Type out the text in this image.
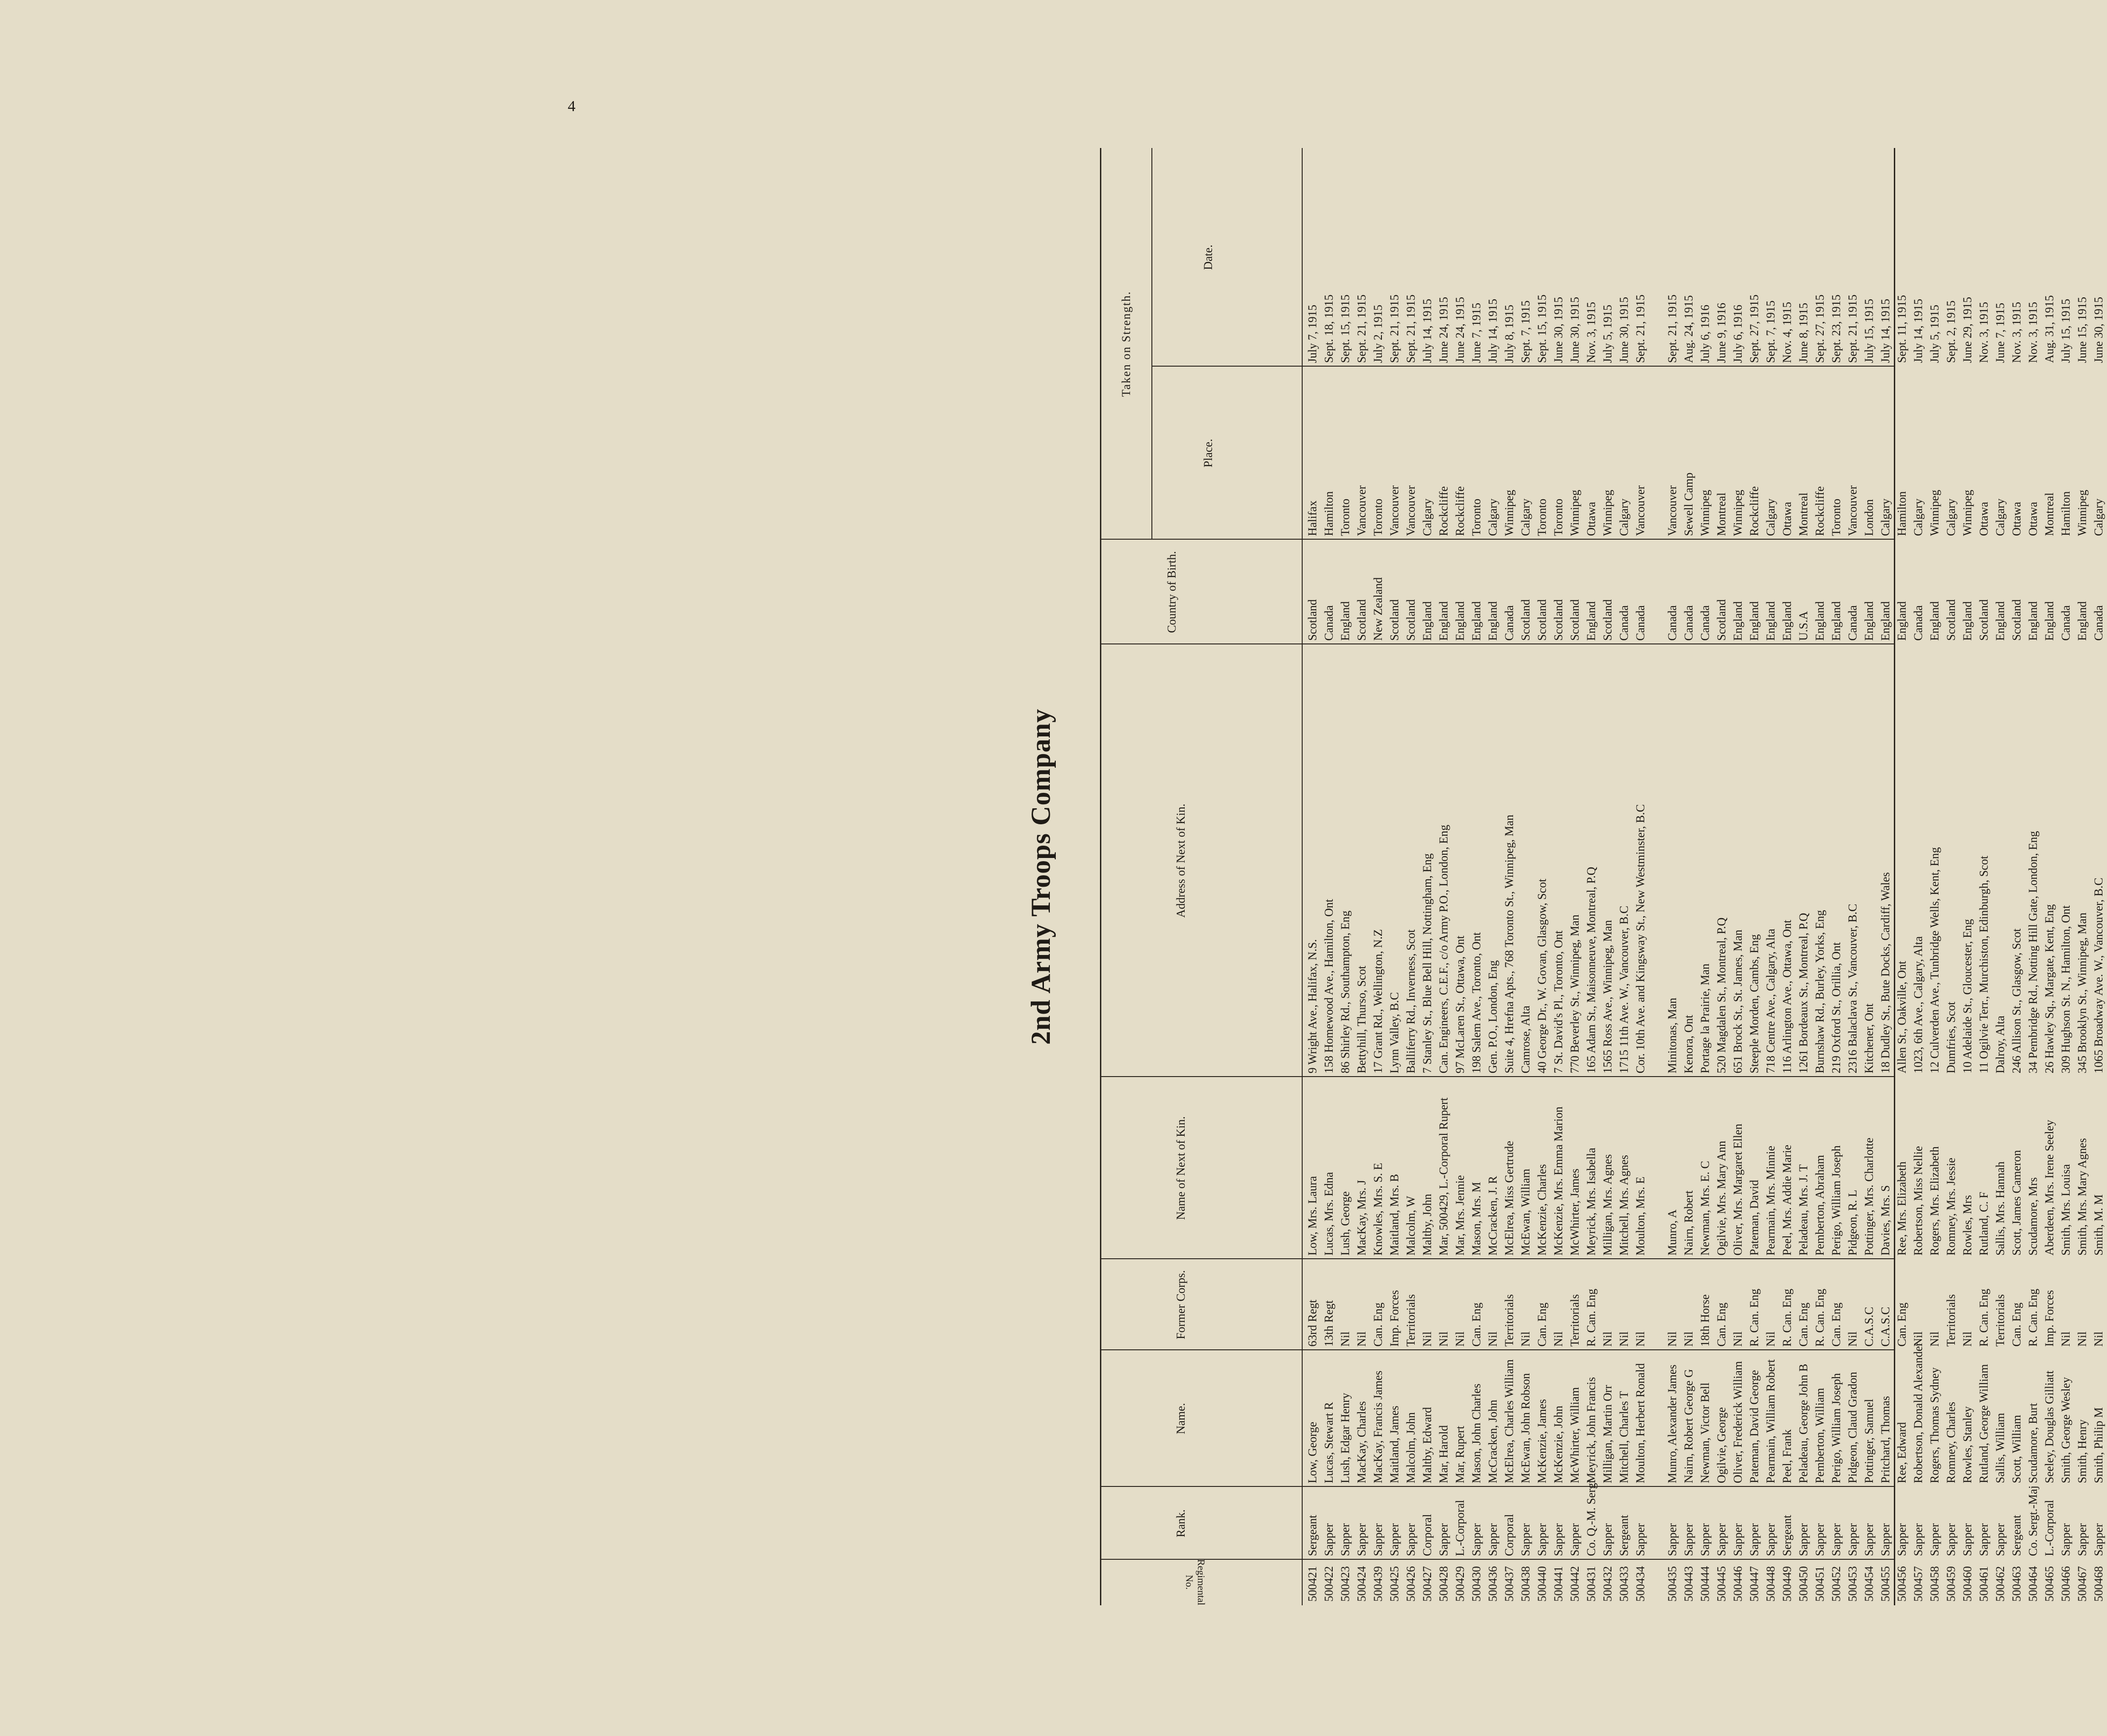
4
2nd Army Troops Company
Regimental No.
Rank.
Name.
Former Corps.
Name of Next of Kin.
Address of Next of Kin.
Country of Birth.
Taken on Strength.
Place.
Date.
500421 500422 500423 500424 500439 500425 500426 500427 500428 500429 500430 500436 500437 500438 500440 500441 500442 500431 500432 500433 500434 500435 500443 500444 500445 500446 500447 500448 500449 500450 500451 500452 500453 500454 500455 500456 500457 500458 500459 500460 500461 500462 500463 500464 500465 500466 500467 500468
Sergeant Sapper Sapper Sapper Sapper Sapper Sapper Corporal Sapper L.-Corporal Sapper Sapper Corporal Sapper Sapper Sapper Sapper Co. Q.-M. Sergt Sapper Sergeant Sapper Sapper Sapper Sapper Sapper Sapper Sapper Sapper Sergeant Sapper Sapper Sapper Sapper Sapper Sapper Sapper Sapper Sapper Sapper Sapper Sapper Sapper Sergeant Co. Sergt.-Maj L.-Corporal Sapper Sapper Sapper
Low, George Lucas, Stewart R Lush, Edgar Henry MacKay, Charles MacKay, Francis James Maitland, James Malcolm, John Maltby, Edward Mar, Harold Mar, Rupert Mason, John Charles McCracken, John McElrea, Charles William McEwan, John Robson McKenzie, James McKenzie, John McWhirter, William Meyrick, John Francis Milligan, Martin Orr Mitchell, Charles T Moulton, Herbert Ronald Munro, Alexander James Nairn, Robert George G Newman, Victor Bell Ogilvie, George Oliver, Frederick William Pateman, David George Pearmain, William Robert Peel, Frank Peladeau, George John B Pemberton, William Perigo, William Joseph Pidgeon, Claud Gradon Pottinger, Samuel Pritchard, Thomas Ree, Edward Robertson, Donald Alexander Rogers, Thomas Sydney Romney, Charles Rowles, Stanley Rutland, George William Sallis, William Scott, William Scudamore, Burt Seeley, Douglas Gilliatt Smith, George Wesley Smith, Henry Smith, Philip M
63rd Regt 13th Regt Nil Nil Can. Eng Imp. Forces Territorials Nil Nil Nil Can. Eng Nil Territorials Nil Can. Eng Nil Territorials R. Can. Eng Nil Nil Nil Nil Nil 18th Horse Can. Eng Nil R. Can. Eng Nil R. Can. Eng Can. Eng R. Can. Eng Can. Eng Nil C.A.S.C C.A.S.C Can. Eng Nil Nil Territorials Nil R. Can. Eng Territorials Can. Eng R. Can. Eng Imp. Forces Nil Nil Nil
Low, Mrs. Laura Lucas, Mrs. Edna Lush, George MacKay, Mrs. J Knowles, Mrs. S. E Maitland, Mrs. B Malcolm, W Maltby, John Mar, 500429, L.-Corporal Rupert Mar, Mrs. Jennie Mason, Mrs. M McCracken, J. R McElrea, Miss Gertrude McEwan, William McKenzie, Charles McKenzie, Mrs. Emma Marion McWhirter, James Meyrick, Mrs. Isabella Milligan, Mrs. Agnes Mitchell, Mrs. Agnes Moulton, Mrs. E Munro, A Nairn, Robert Newman, Mrs. E. C Ogilvie, Mrs. Mary Ann Oliver, Mrs. Margaret Ellen Pateman, David Pearmain, Mrs. Minnie Peel, Mrs. Addie Marie Peladeau, Mrs. J. T Pemberton, Abraham Perigo, William Joseph Pidgeon, R. L Pottinger, Mrs. Charlotte Davies, Mrs. S Ree, Mrs. Elizabeth Robertson, Miss Nellie Rogers, Mrs. Elizabeth Romney, Mrs. Jessie Rowles, Mrs Rutland, C. F Sallis, Mrs. Hannah Scott, James Cameron Scudamore, Mrs Aberdeen, Mrs. Irene Seeley Smith, Mrs. Louisa Smith, Mrs. Mary Agnes Smith, M. M
9 Wright Ave., Halifax, N.S. 158 Homewood Ave., Hamilton, Ont 86 Shirley Rd., Southampton, Eng Bettyhill, Thurso, Scot 17 Grant Rd., Wellington, N.Z Lynn Valley, B.C Balliferry Rd., Inverness, Scot 7 Stanley St., Blue Bell Hill, Nottingham, Eng Can. Engineers, C.E.F., c/o Army P.O., London, Eng 97 McLaren St., Ottawa, Ont 198 Salem Ave., Toronto, Ont Gen. P.O., London, Eng Suite 4, Hrefna Apts., 768 Toronto St., Winnipeg, Man Camrose, Alta 40 George Dr., W. Govan, Glasgow, Scot 7 St. David's Pl., Toronto, Ont 770 Beverley St., Winnipeg, Man 165 Adam St., Maisonneuve, Montreal, P.Q 1565 Ross Ave., Winnipeg, Man 1715 11th Ave. W., Vancouver, B.C Cor. 10th Ave. and Kingsway St., New Westminster, B.C Minitonas, Man Kenora, Ont Portage la Prairie, Man 520 Magdalen St., Montreal, P.Q 651 Brock St., St. James, Man Steeple Morden, Cambs, Eng 718 Centre Ave., Calgary, Alta 116 Arlington Ave., Ottawa, Ont 1261 Bordeaux St., Montreal, P.Q Burnshaw Rd., Burley, Yorks, Eng 219 Oxford St., Orillia, Ont 2316 Balaclava St., Vancouver, B.C Kitchener, Ont 18 Dudley St., Bute Docks, Cardiff, Wales Allen St., Oakville, Ont 1023, 6th Ave., Calgary, Alta 12 Culverden Ave., Tunbridge Wells, Kent, Eng Dumfries, Scot 10 Adelaide St., Gloucester, Eng 11 Ogilvie Terr., Murchiston, Edinburgh, Scot Dalroy, Alta 246 Allison St., Glasgow, Scot 34 Pembridge Rd., Notting Hill Gate, London, Eng 26 Hawley Sq., Margate, Kent, Eng 309 Hughson St. N., Hamilton, Ont 345 Brooklyn St., Winnipeg, Man 1065 Broadway Ave. W., Vancouver, B.C
Scotland Canada England Scotland New Zealand Scotland Scotland England England England England England Canada Scotland Scotland Scotland Scotland England Scotland Canada Canada Canada Canada Canada Scotland England England England England U.S.A England England Canada England England England Canada England Scotland England Scotland England Scotland England England Canada England Canada
Halifax Hamilton Toronto Vancouver Toronto Vancouver Vancouver Calgary Rockcliffe Rockcliffe Toronto Calgary Winnipeg Calgary Toronto Toronto Winnipeg Ottawa Winnipeg Calgary Vancouver Vancouver Sewell Camp Winnipeg Montreal Winnipeg Rockcliffe Calgary Ottawa Montreal Rockcliffe Toronto Vancouver London Calgary Hamilton Calgary Winnipeg Calgary Winnipeg Ottawa Calgary Ottawa Ottawa Montreal Hamilton Winnipeg Calgary
July 7, 1915 Sept. 18, 1915 Sept. 15, 1915 Sept. 21, 1915 July 2, 1915 Sept. 21, 1915 Sept. 21, 1915 July 14, 1915 June 24, 1915 June 24, 1915 June 7, 1915 July 14, 1915 July 8, 1915 Sept. 7, 1915 Sept. 15, 1915 June 30, 1915 June 30, 1915 Nov. 3, 1915 July 5, 1915 June 30, 1915 Sept. 21, 1915 Sept. 21, 1915 Aug. 24, 1915 July 6, 1916 June 9, 1916 July 6, 1916 Sept. 27, 1915 Sept. 7, 1915 Nov. 4, 1915 June 8, 1915 Sept. 27, 1915 Sept. 23, 1915 Sept. 21, 1915 July 15, 1915 July 14, 1915 Sept. 11, 1915 July 14, 1915 July 5, 1915 Sept. 2, 1915 June 29, 1915 Nov. 3, 1915 June 7, 1915 Nov. 3, 1915 Nov. 3, 1915 Aug. 31, 1915 July 15, 1915 June 15, 1915 June 30, 1915
